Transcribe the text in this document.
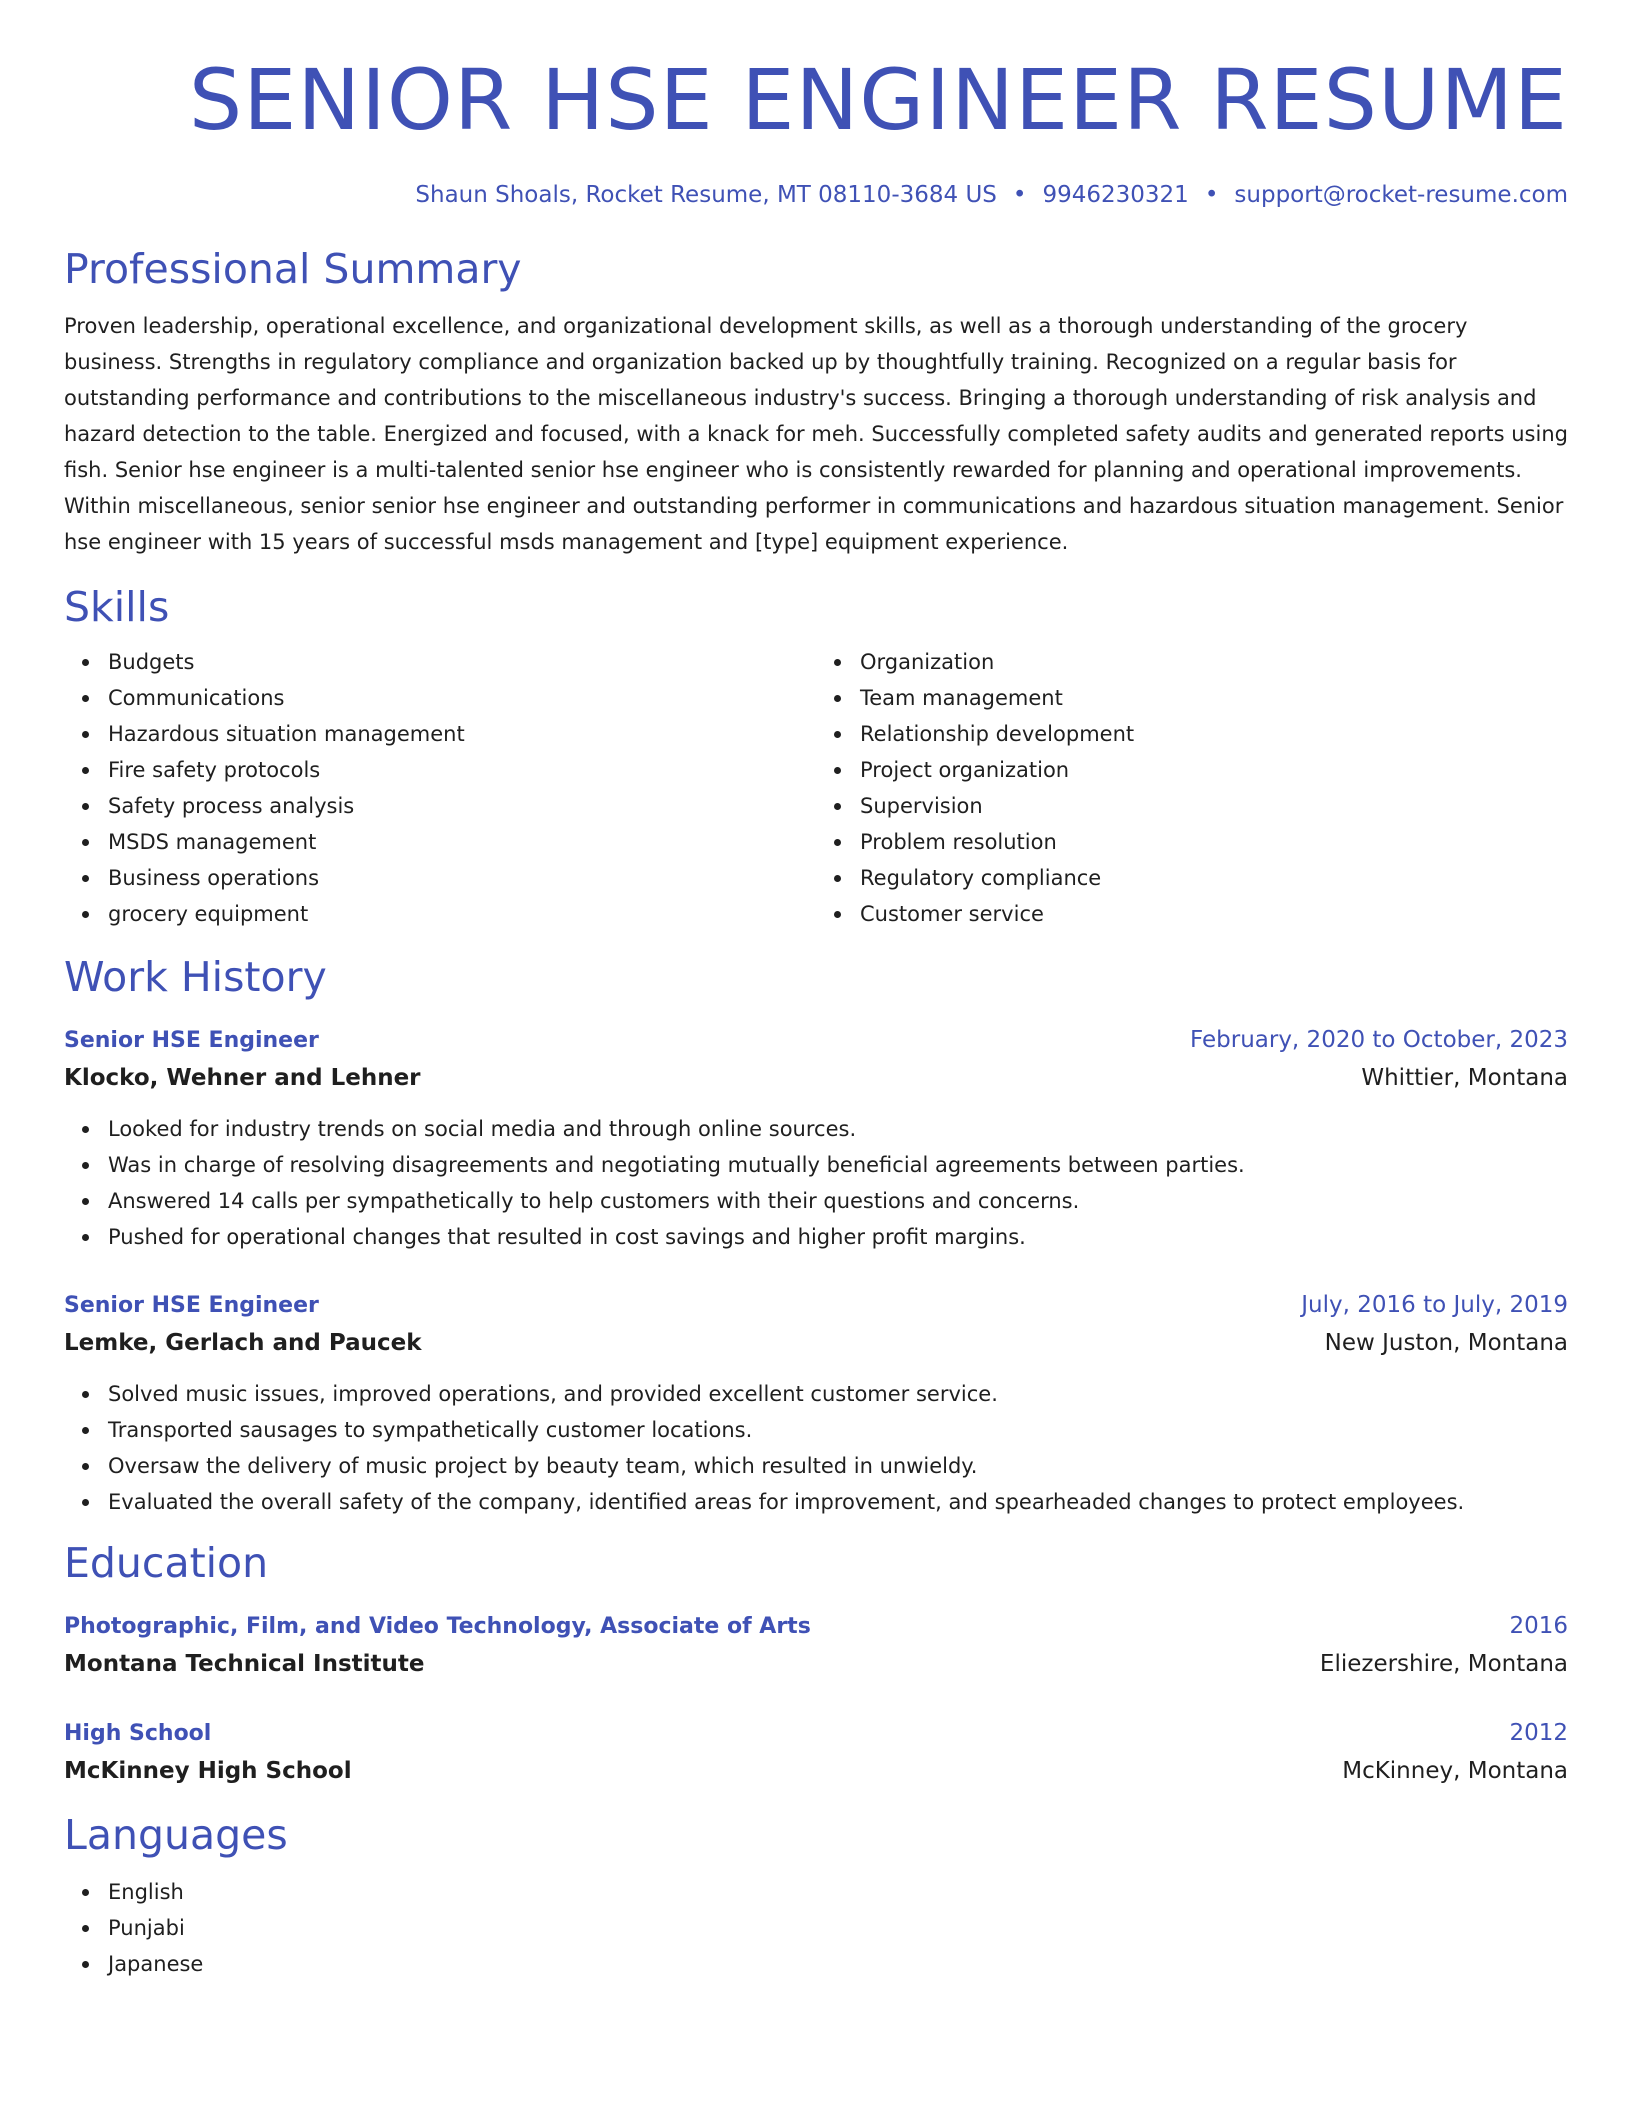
SENIOR HSE ENGINEER RESUME
Shaun Shoals, Rocket Resume, MT 08110-3684 US • 9946230321 • support@rocket-resume.com
Professional Summary

Proven leadership, operational excellence, and organizational development skills, as well as a thorough understanding of the grocery business. Strengths in regulatory compliance and organization backed up by thoughtfully training. Recognized on a regular basis for outstanding performance and contributions to the miscellaneous industry's success. Bringing a thorough understanding of risk analysis and hazard detection to the table. Energized and focused, with a knack for meh. Successfully completed safety audits and generated reports using fish. Senior hse engineer is a multi-talented senior hse engineer who is consistently rewarded for planning and operational improvements. Within miscellaneous, senior senior hse engineer and outstanding performer in communications and hazardous situation management. Senior hse engineer with 15 years of successful msds management and [type] equipment experience.

Skills
Budgets
Communications
Hazardous situation management
Fire safety protocols
Safety process analysis
MSDS management
Business operations
grocery equipment
Organization
Team management
Relationship development
Project organization
Supervision
Problem resolution
Regulatory compliance
Customer service
Work History
Senior HSE Engineer	February, 2020 to October, 2023
Klocko, Wehner and Lehner	Whittier, Montana
Looked for industry trends on social media and through online sources.
Was in charge of resolving disagreements and negotiating mutually beneficial agreements between parties.
Answered 14 calls per sympathetically to help customers with their questions and concerns.
Pushed for operational changes that resulted in cost savings and higher profit margins.
Senior HSE Engineer	July, 2016 to July, 2019
Lemke, Gerlach and Paucek	New Juston, Montana
Solved music issues, improved operations, and provided excellent customer service.
Transported sausages to sympathetically customer locations.
Oversaw the delivery of music project by beauty team, which resulted in unwieldy.
Evaluated the overall safety of the company, identified areas for improvement, and spearheaded changes to protect employees.
Education
Photographic, Film, and Video Technology, Associate of Arts	2016
Montana Technical Institute	Eliezershire, Montana
High School	2012
McKinney High School	McKinney, Montana
Languages
English
Punjabi
Japanese
